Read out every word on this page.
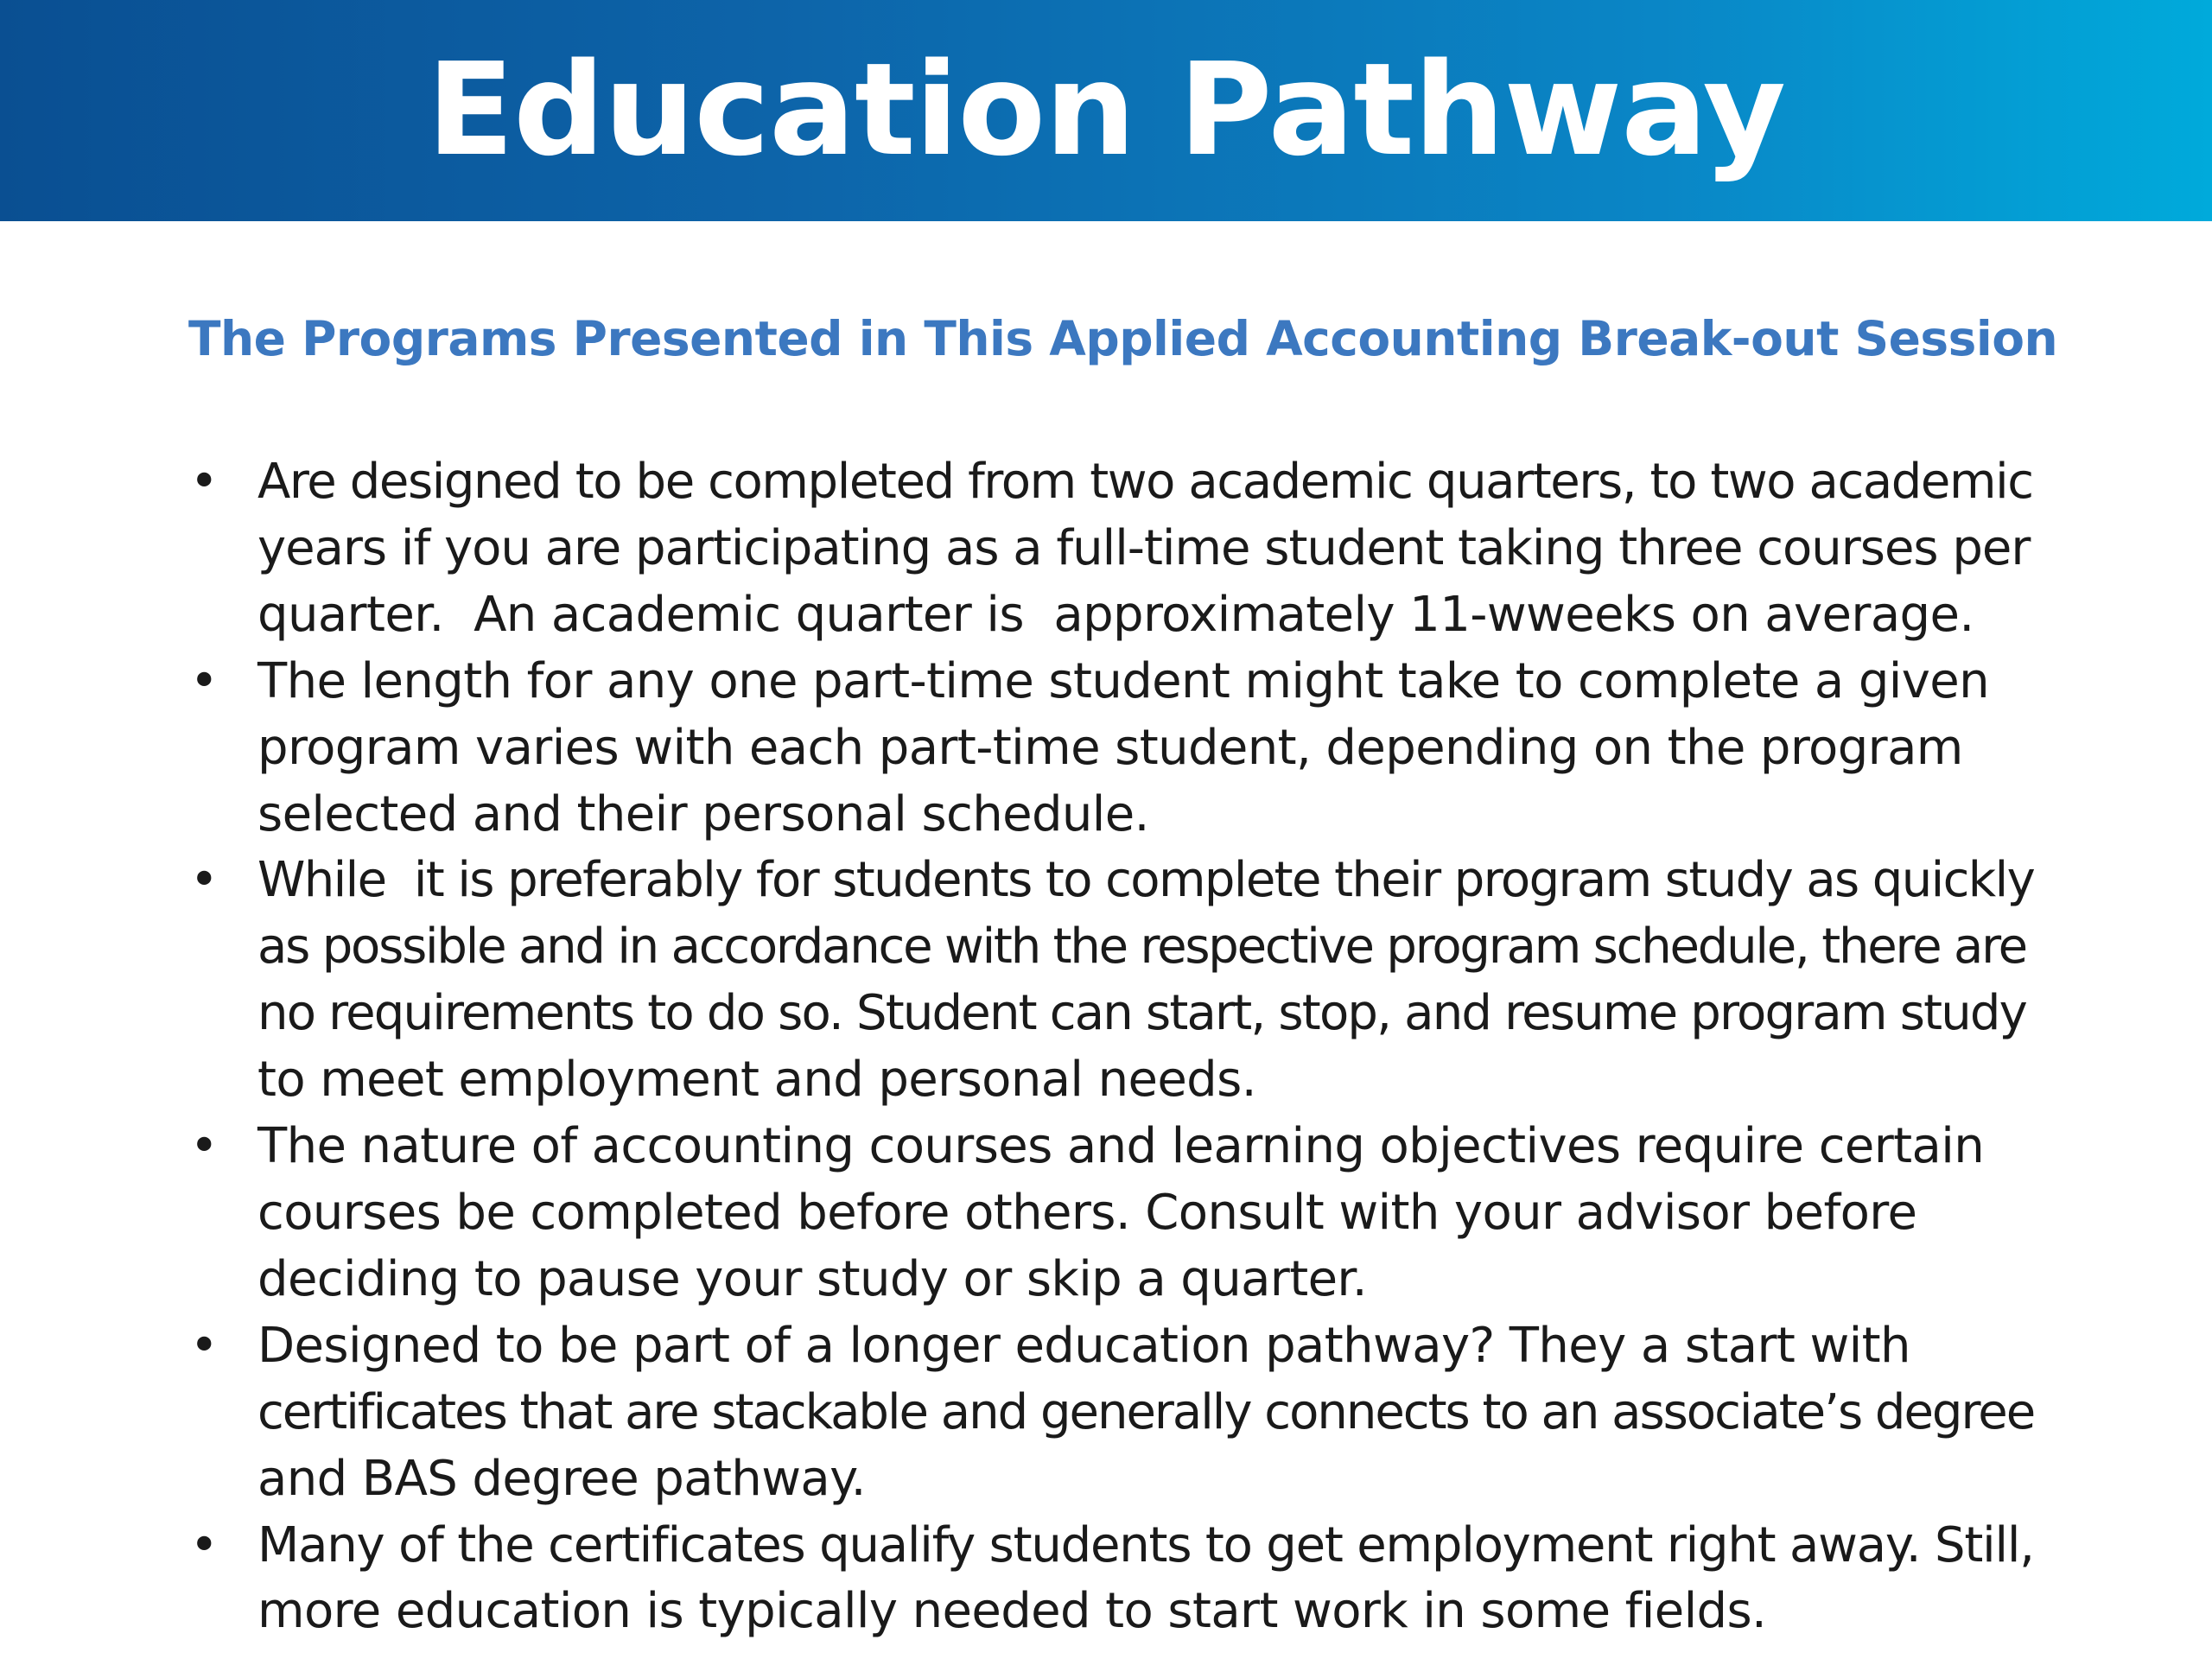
Education Pathway
The Programs Presented in This Applied Accounting Break-out Session
• Are designed to be completed from two academic quarters, to two academic
years if you are participating as a full-time student taking three courses per
quarter.  An academic quarter is  approximately 11-wweeks on average.
• The length for any one part-time student might take to complete a given
program varies with each part-time student, depending on the program
selected and their personal schedule.
• While  it is preferably for students to complete their program study as quickly
as possible and in accordance with the respective program schedule, there are
no requirements to do so. Student can start, stop, and resume program study
to meet employment and personal needs.
• The nature of accounting courses and learning objectives require certain
courses be completed before others. Consult with your advisor before
deciding to pause your study or skip a quarter.
• Designed to be part of a longer education pathway? They a start with
certificates that are stackable and generally connects to an associate’s degree
and BAS degree pathway.
• Many of the certificates qualify students to get employment right away. Still,
more education is typically needed to start work in some fields.
